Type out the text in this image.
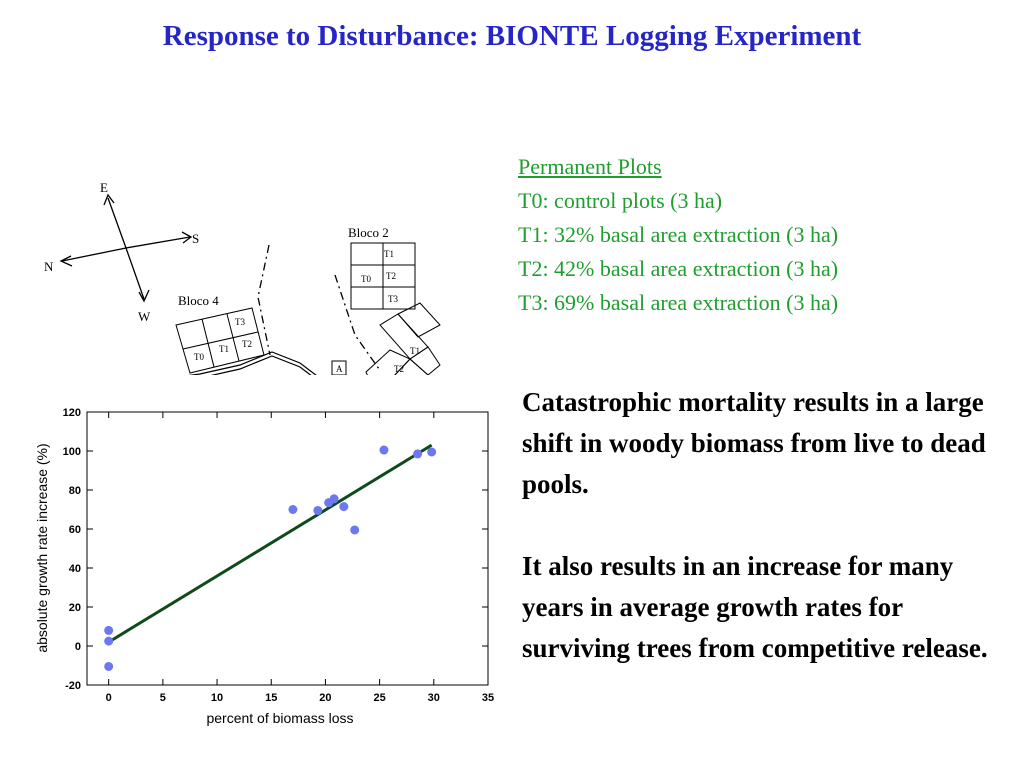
Response to Disturbance: BIONTE Logging Experiment
E
S
N
W
Bloco 2
Bloco 4
T1
T0 T2
T3
T3
T2
T1
T0
T1
T2
A
Permanent Plots
T0: control plots (3 ha)
T1: 32% basal area extraction (3 ha)
T2: 42% basal area extraction (3 ha)
T3: 69% basal area extraction (3 ha)
Catastrophic mortality results in a large shift in woody biomass from live to dead pools.
It also results in an increase for many years in average growth rates for surviving trees from competitive release.
-20
0
20
40
60
80
100
120
0	5	10	15	20	25	30	35
percent of biomass loss
absolute growth rate increase (%)
